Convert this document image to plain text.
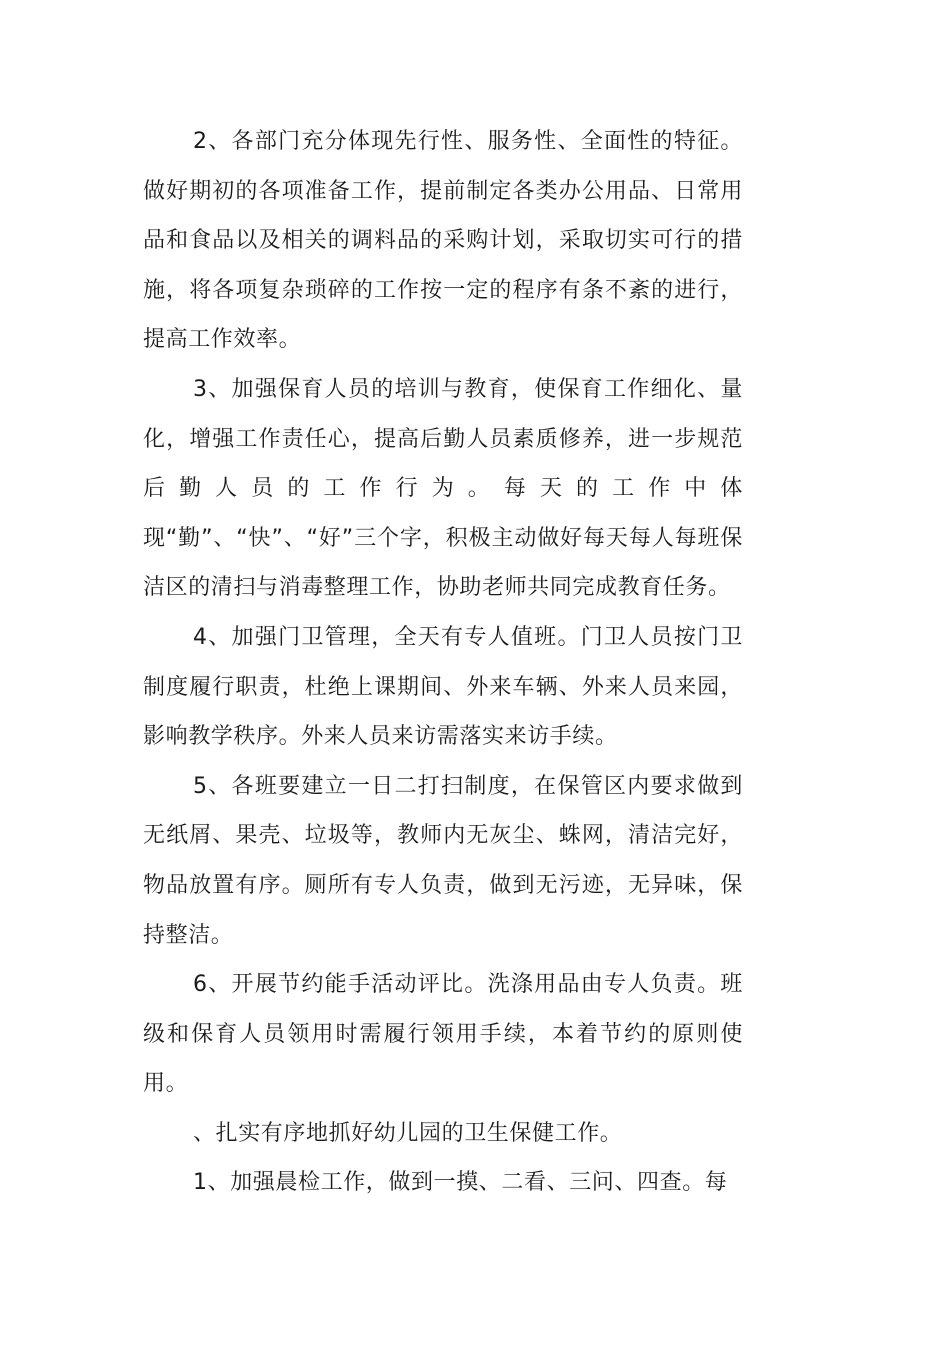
2、各部门充分体现先行性、服务性、全面性的特征。做好期初的各项准备工作，提前制定各类办公用品、日常用品和食品以及相关的调料品的采购计划，采取切实可行的措施，将各项复杂琐碎的工作按一定的程序有条不紊的进行，提高工作效率。

3、加强保育人员的培训与教育，使保育工作细化、量化，增强工作责任心，提高后勤人员素质修养，进一步规范后勤人员的工作行为。每天的工作中体现“勤”、“快”、“好”三个字，积极主动做好每天每人每班保洁区的清扫与消毒整理工作，协助老师共同完成教育任务。

4、加强门卫管理，全天有专人值班。门卫人员按门卫制度履行职责，杜绝上课期间、外来车辆、外来人员来园，影响教学秩序。外来人员来访需落实来访手续。

5、各班要建立一日二打扫制度，在保管区内要求做到无纸屑、果壳、垃圾等，教师内无灰尘、蛛网，清洁完好，物品放置有序。厕所有专人负责，做到无污迹，无异味，保持整洁。

6、开展节约能手活动评比。洗涤用品由专人负责。班级和保育人员领用时需履行领用手续，本着节约的原则使用。

、扎实有序地抓好幼儿园的卫生保健工作。

1、加强晨检工作，做到一摸、二看、三问、四查。每
